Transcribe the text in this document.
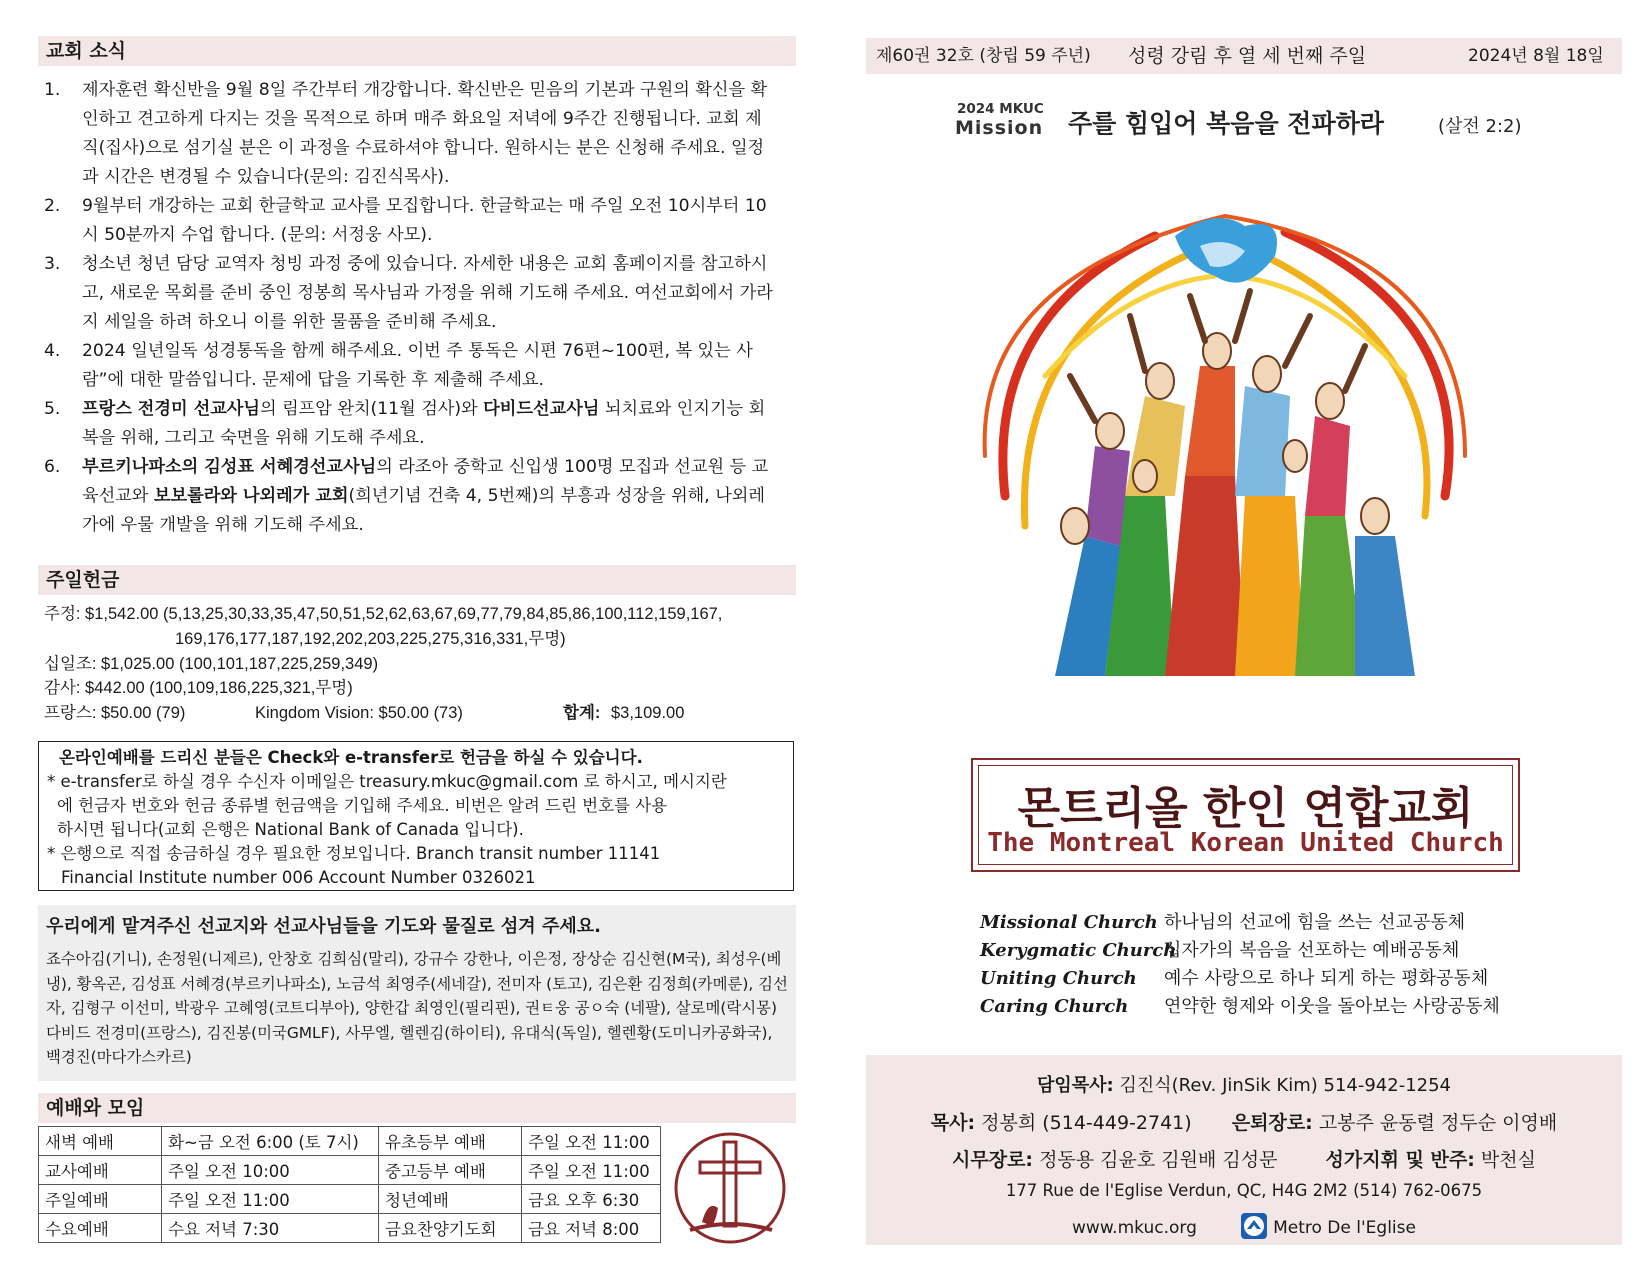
교회 소식
1. 제자훈련 확신반을 9월 8일 주간부터 개강합니다. 확신반은 믿음의 기본과 구원의 확신을 확인하고 견고하게 다지는 것을 목적으로 하며 매주 화요일 저녁에 9주간 진행됩니다. 교회 제직(집사)으로 섬기실 분은 이 과정을 수료하셔야 합니다. 원하시는 분은 신청해 주세요. 일정과 시간은 변경될 수 있습니다(문의: 김진식목사).
2. 9월부터 개강하는 교회 한글학교 교사를 모집합니다. 한글학교는 매 주일 오전 10시부터 10시 50분까지 수업 합니다. (문의: 서정웅 사모).
3. 청소년 청년 담당 교역자 청빙 과정 중에 있습니다. 자세한 내용은 교회 홈페이지를 참고하시고, 새로운 목회를 준비 중인 정봉희 목사님과 가정을 위해 기도해 주세요. 여선교회에서 가라지 세일을 하려 하오니 이를 위한 물품을 준비해 주세요.
4. 2024 일년일독 성경통독을 함께 해주세요. 이번 주 통독은 시편 76편~100편, 복 있는 사람”에 대한 말씀입니다. 문제에 답을 기록한 후 제출해 주세요.
5. 프랑스 전경미 선교사님의 림프암 완치(11월 검사)와 다비드선교사님 뇌치료와 인지기능 회복을 위해, 그리고 숙면을 위해 기도해 주세요.
6. 부르키나파소의 김성표 서혜경선교사님의 라조아 중학교 신입생 100명 모집과 선교원 등 교육선교와 보보롤라와 나외레가 교회(희년기념 건축 4, 5번째)의 부흥과 성장을 위해, 나외레가에 우물 개발을 위해 기도해 주세요.
주일헌금
주정: $1,542.00 (5,13,25,30,33,35,47,50,51,52,62,63,67,69,77,79,84,85,86,100,112,159,167,
169,176,177,187,192,202,203,225,275,316,331,무명)
십일조: $1,025.00 (100,101,187,225,259,349)
감사: $442.00 (100,109,186,225,321,무명)
프랑스: $50.00 (79)	Kingdom Vision: $50.00 (73)	합계: $3,109.00
온라인예배를 드리신 분들은 Check와 e-transfer로 헌금을 하실 수 있습니다.
* e-transfer로 하실 경우 수신자 이메일은 treasury.mkuc@gmail.com 로 하시고, 메시지란
에 헌금자 번호와 헌금 종류별 헌금액을 기입해 주세요. 비번은 알려 드린 번호를 사용
하시면 됩니다(교회 은행은 National Bank of Canada 입니다).
* 은행으로 직접 송금하실 경우 필요한 정보입니다. Branch transit number 11141
Financial Institute number 006 Account Number 0326021
우리에게 맡겨주신 선교지와 선교사님들을 기도와 물질로 섬겨 주세요.
죠수아김(기니), 손정원(니제르), 안창호 김희심(말리), 강규수 강한나, 이은정, 장상순 김신현(M국), 최성우(베냉), 황옥곤, 김성표 서혜경(부르키나파소), 노금석 최영주(세네갈), 전미자 (토고), 김은환 김정희(카메룬), 김선자, 김형구 이선미, 박광우 고혜영(코트디부아), 양한갑 최영인(필리핀), 권ㅌ웅 공ㅇ숙 (네팔), 살로메(락시몽) 다비드 전경미(프랑스), 김진봉(미국GMLF), 사무엘, 헬렌김(하이티), 유대식(독일), 헬렌황(도미니카공화국), 백경진(마다가스카르)
예배와 모임
새벽 예배	화~금 오전 6:00 (토 7시)	유초등부 예배	주일 오전 11:00
교사예배	주일 오전 10:00	중고등부 예배	주일 오전 11:00
주일예배	주일 오전 11:00	청년예배	금요 오후 6:30
수요예배	수요 저녁 7:30	금요찬양기도회	금요 저녁 8:00
제60권 32호 (창립 59 주년) 성령 강림 후 열 세 번째 주일	2024년 8월 18일
2024 MKUC
Mission 주를 힘입어 복음을 전파하라	(살전 2:2)
몬트리올 한인 연합교회
The Montreal Korean United Church
Missional Church 하나님의 선교에 힘을 쓰는 선교공동체
Kerygmatic Church십자가의 복음을 선포하는 예배공동체
Uniting Church 예수 사랑으로 하나 되게 하는 평화공동체
Caring Church 연약한 형제와 이웃을 돌아보는 사랑공동체
담임목사: 김진식(Rev. JinSik Kim) 514-942-1254
목사: 정봉희 (514-449-2741) 은퇴장로: 고봉주 윤동렬 정두순 이영배
시무장로: 정동용 김윤호 김원배 김성문	성가지휘 및 반주: 박천실
177 Rue de l'Eglise Verdun, QC, H4G 2M2 (514) 762-0675
www.mkuc.org	Metro De l'Eglise
